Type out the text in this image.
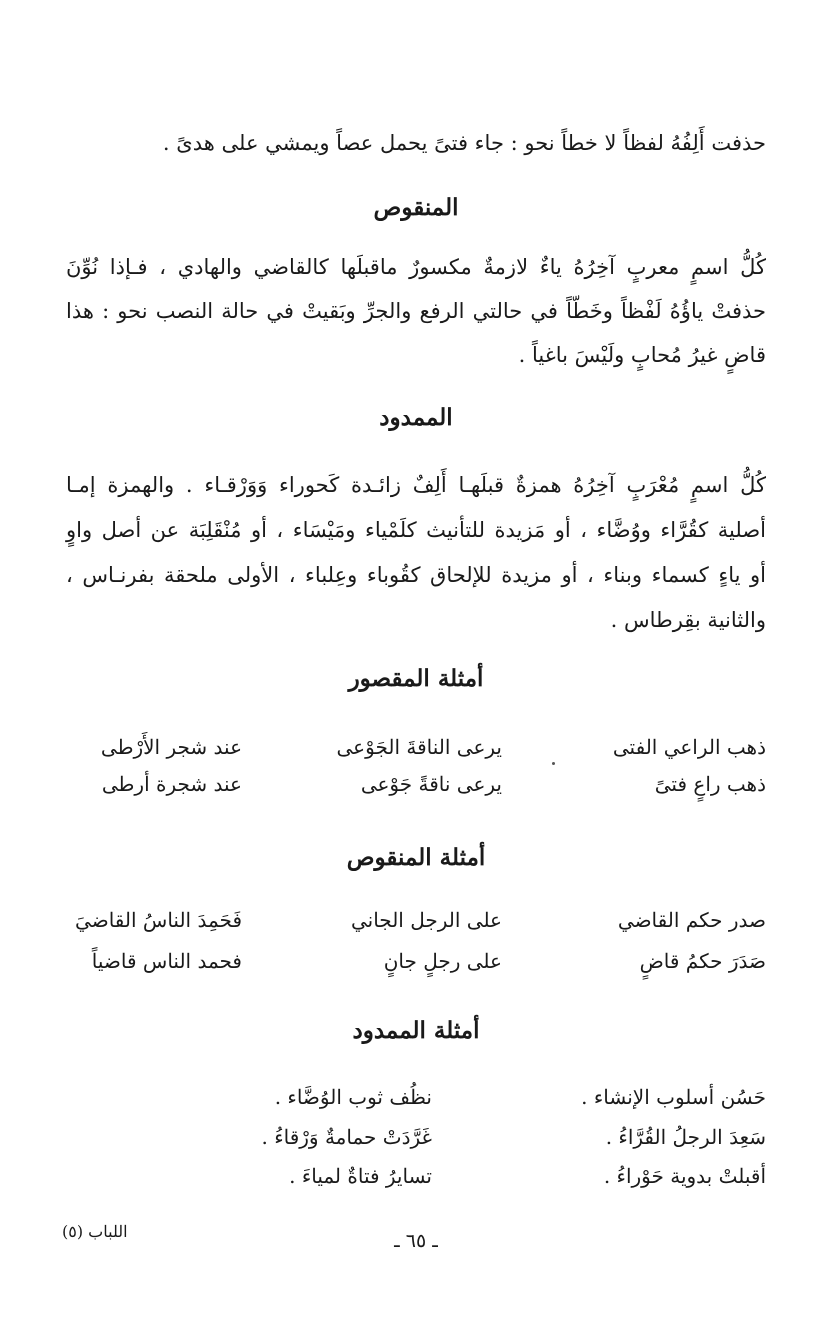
حذفت أَلِفُهُ لفظاً لا خطاً نحو : جاء فتىً يحمل عصاً ويمشي على هدىً .
المنقوص
كُلُّ اسمٍ معربٍ آخِرُهُ ياءٌ لازمةٌ مكسورٌ ماقبلَها كالقاضي والهادي ، فـإذا نُوِّنَ
حذفتْ ياؤُهُ لَفْظاً وخَطّاً في حالتي الرفع والجرِّ وبَقيتْ في حالة النصب نحو : هذا
قاضٍ غيرُ مُحابٍ ولَيْسَ باغياً .
الممدود
كُلُّ اسمٍ مُعْرَبٍ آخِرُهُ همزةٌ قبلَهـا أَلِفٌ زائـدة كَحوراء وَوَرْقـاء . والهمزة إمـا
أصلية كقُرَّاء ووُضَّاء ، أو مَزيدة للتأنيث كلَمْياء ومَيْسَاء ، أو مُنْقَلِبَة عن أصل واوٍ
أو ياءٍ كسماء وبناء ، أو مزيدة للإلحاق كقُوباء وعِلباء ، الأولى ملحقة بفرنـاس ،
والثانية بقِرطاس .
أمثلة المقصور
ذهب الراعي الفتى
يرعى الناقةَ الجَوْعى
عند شجر الأَرْطى
ذهب راعٍ فتىً
يرعى ناقةً جَوْعى
عند شجرة أرطى
أمثلة المنقوص
صدر حكم القاضي
على الرجل الجاني
فَحَمِدَ الناسُ القاضيَ
صَدَرَ حكمُ قاضٍ
على رجلٍ جانٍ
فحمد الناس قاضياً
أمثلة الممدود
حَسُن أسلوب الإنشاء .
نظُف ثوب الوُضَّاء .
سَعِدَ الرجلُ القُرَّاءُ .
غَرَّدَتْ حمامةٌ وَرْقاءُ .
أقبلتْ بدوية حَوْراءُ .
تسايرُ فتاةٌ لمياءَ .
اللباب (٥)	ـ ٦٥ ـ
